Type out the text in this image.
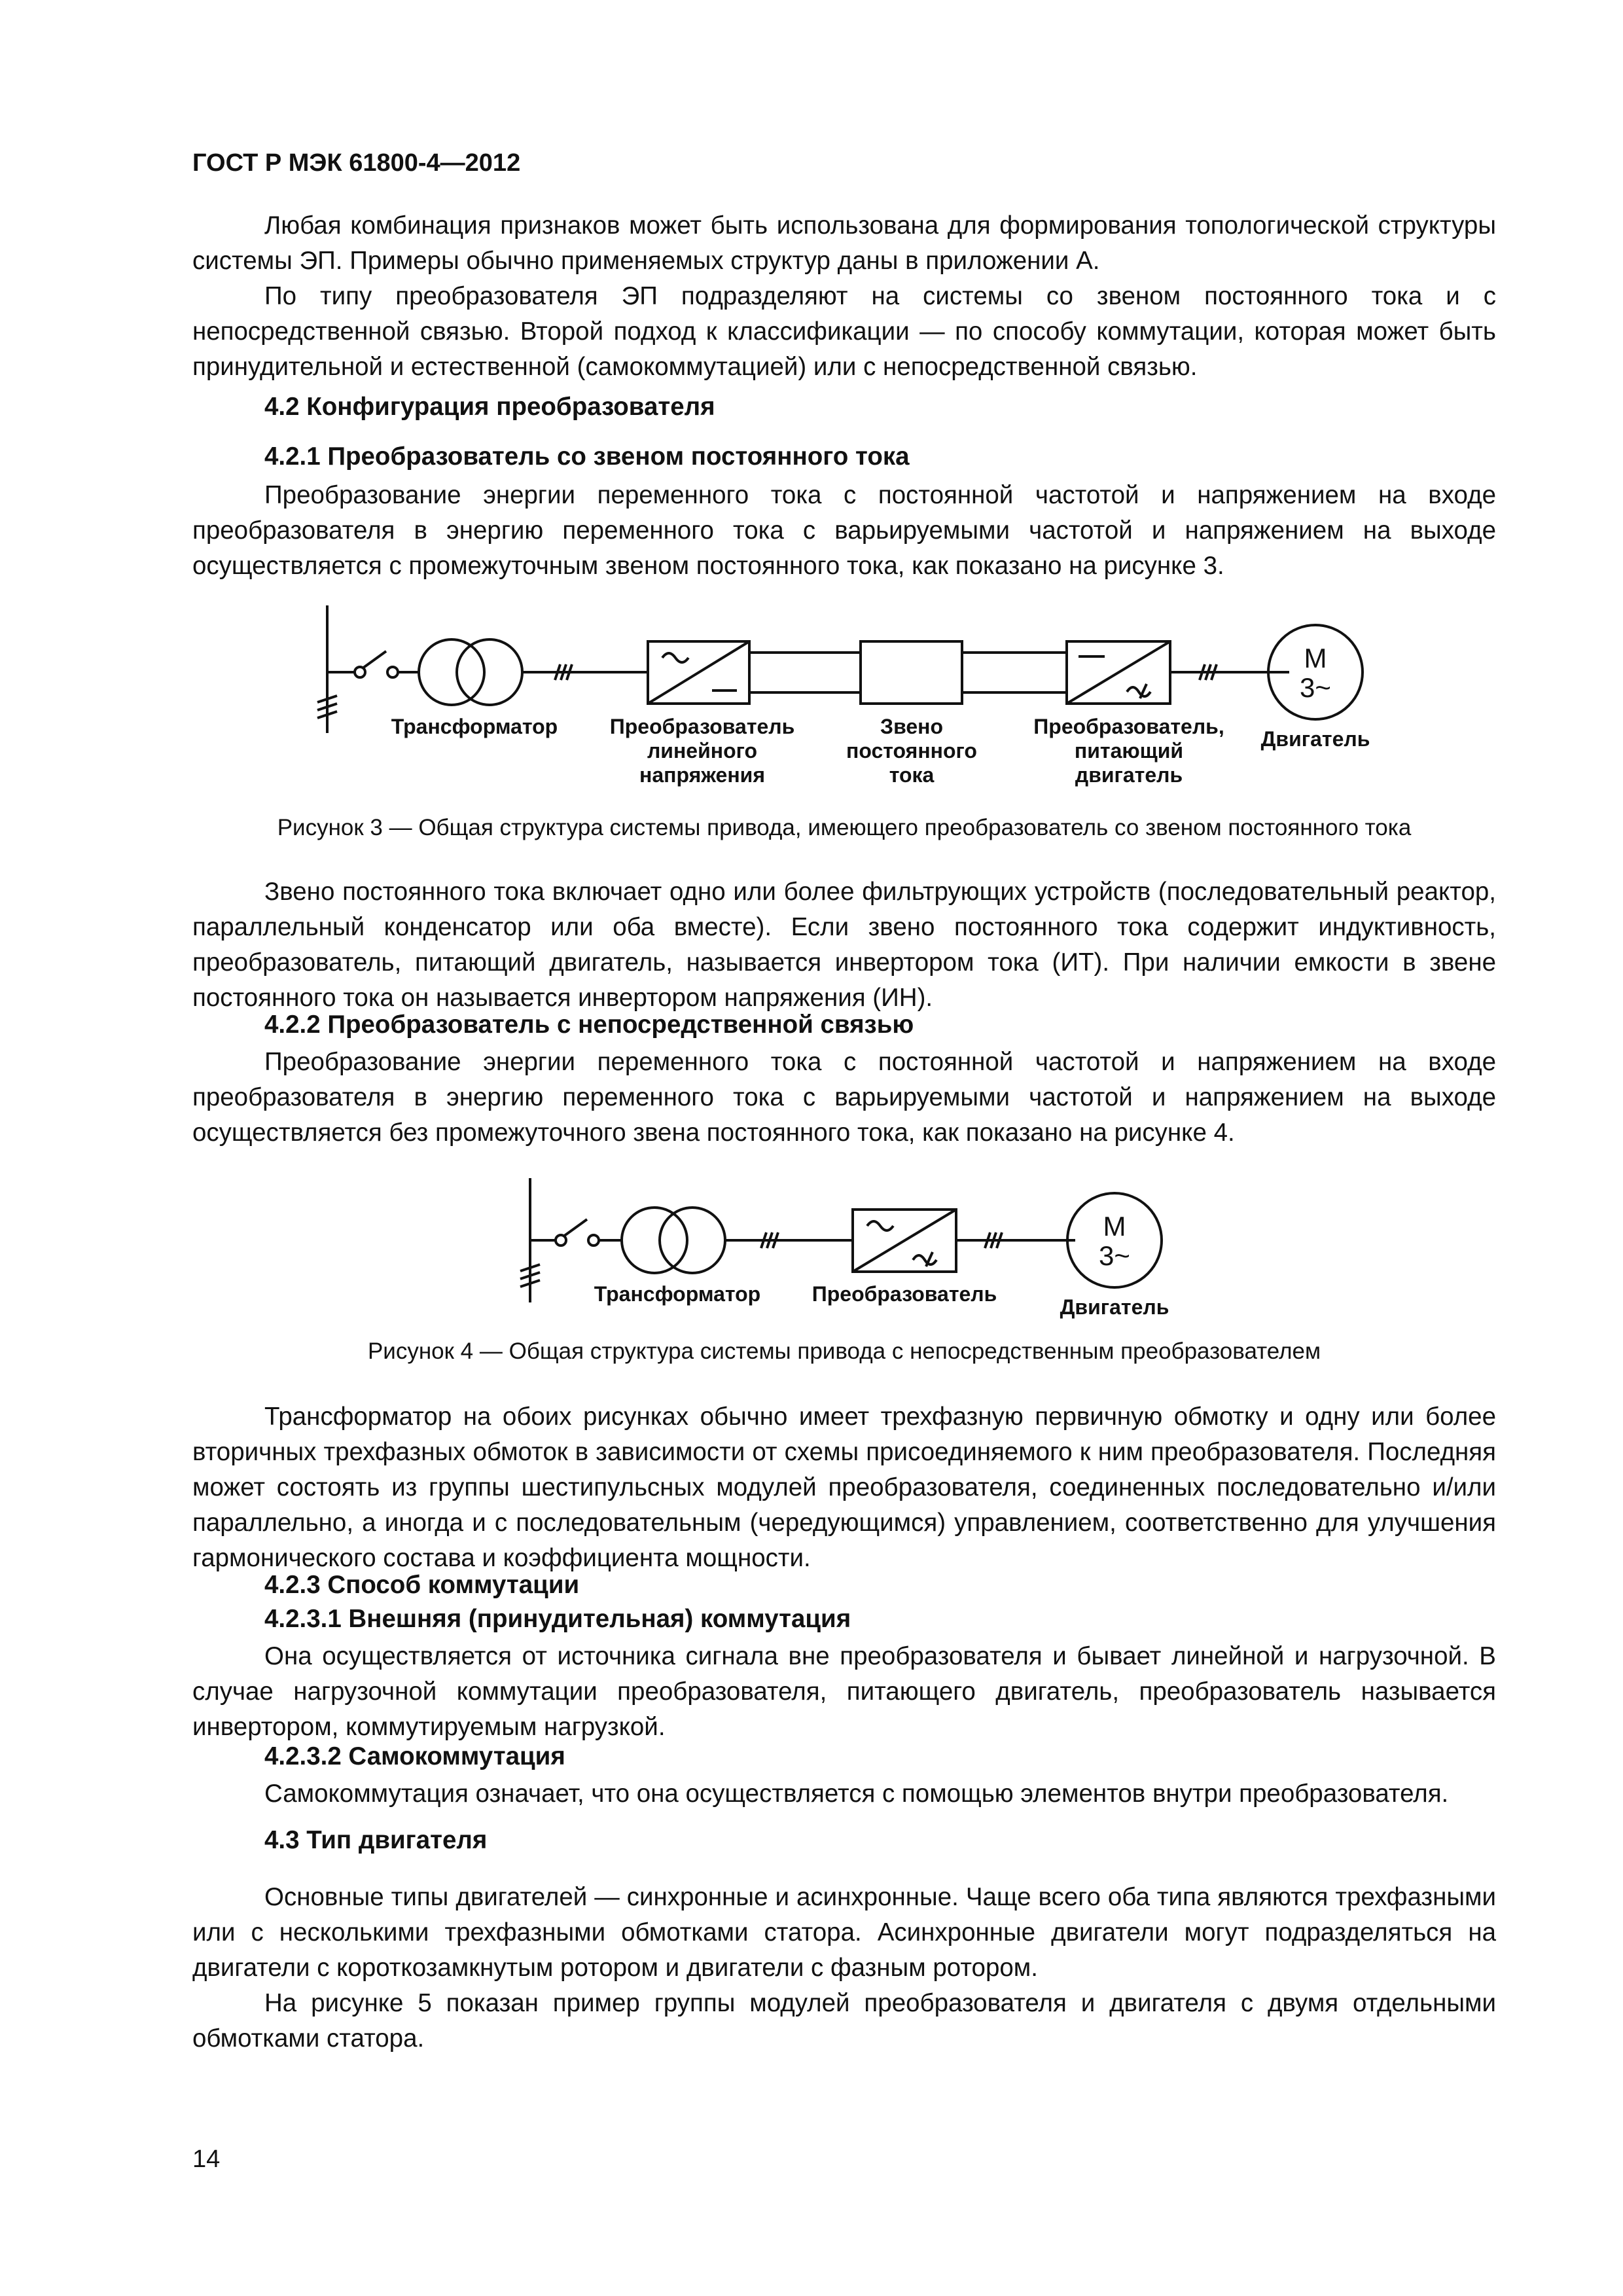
ГОСТ Р МЭК 61800-4—2012

Любая комбинация признаков может быть использована для формирования топологической структуры системы ЭП. Примеры обычно применяемых структур даны в приложении А.

По типу преобразователя ЭП подразделяют на системы со звеном постоянного тока и с непосредственной связью. Второй подход к классификации — по способу коммутации, которая может быть принудительной и естественной (самокоммутацией) или с непосредственной связью.

4.2 Конфигурация преобразователя
4.2.1 Преобразователь со звеном постоянного тока

Преобразование энергии переменного тока с постоянной частотой и напряжением на входе преобразователя в энергию переменного тока с варьируемыми частотой и напряжением на выходе осуществляется с промежуточным звеном постоянного тока, как показано на рисунке 3.

M
3~
Трансформатор Преобразователь
линейного
напряжения
Звено
постоянного
тока
Преобразователь,
питающий
двигатель
Двигатель

Рисунок 3 — Общая структура системы привода, имеющего преобразователь со звеном постоянного тока

Звено постоянного тока включает одно или более фильтрующих устройств (последовательный реактор, параллельный конденсатор или оба вместе). Если звено постоянного тока содержит индуктивность, преобразователь, питающий двигатель, называется инвертором тока (ИТ). При наличии емкости в звене постоянного тока он называется инвертором напряжения (ИН).

4.2.2 Преобразователь с непосредственной связью

Преобразование энергии переменного тока с постоянной частотой и напряжением на входе преобразователя в энергию переменного тока с варьируемыми частотой и напряжением на выходе осуществляется без промежуточного звена постоянного тока, как показано на рисунке 4.

M
3~
Трансформатор Преобразователь
Двигатель

Рисунок 4 — Общая структура системы привода с непосредственным преобразователем

Трансформатор на обоих рисунках обычно имеет трехфазную первичную обмотку и одну или более вторичных трехфазных обмоток в зависимости от схемы присоединяемого к ним преобразователя. Последняя может состоять из группы шестипульсных модулей преобразователя, соединенных последовательно и/или параллельно, а иногда и с последовательным (чередующимся) управлением, соответственно для улучшения гармонического состава и коэффициента мощности.

4.2.3 Способ коммутации
4.2.3.1 Внешняя (принудительная) коммутация

Она осуществляется от источника сигнала вне преобразователя и бывает линейной и нагрузочной. В случае нагрузочной коммутации преобразователя, питающего двигатель, преобразователь называется инвертором, коммутируемым нагрузкой.

4.2.3.2 Самокоммутация

Самокоммутация означает, что она осуществляется с помощью элементов внутри преобразователя.

4.3 Тип двигателя

Основные типы двигателей — синхронные и асинхронные. Чаще всего оба типа являются трехфазными или с несколькими трехфазными обмотками статора. Асинхронные двигатели могут подразделяться на двигатели с короткозамкнутым ротором и двигатели с фазным ротором.

На рисунке 5 показан пример группы модулей преобразователя и двигателя с двумя отдельными обмотками статора.

14
